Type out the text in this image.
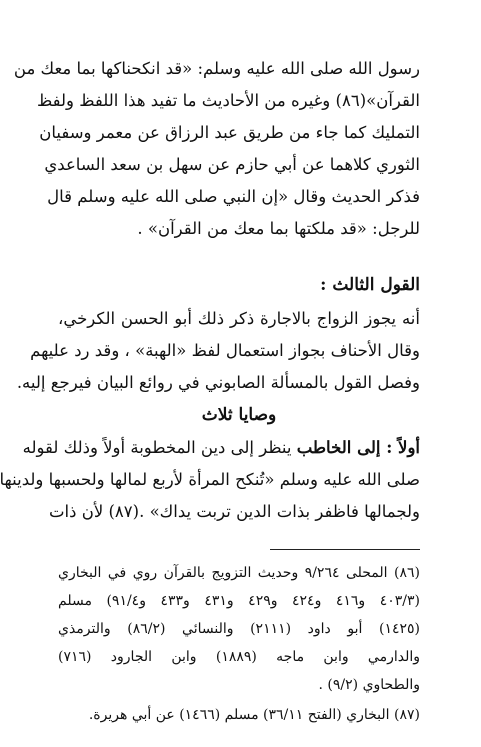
رسول الله صلى الله عليه وسلم: «قد انكحناكها بما معك من
القرآن»(٨٦) وغيره من الأحاديث ما تفيد هذا اللفظ ولفظ
التمليك كما جاء من طريق عبد الرزاق عن معمر وسفيان
الثوري كلاهما عن أبي حازم عن سهل بن سعد الساعدي
فذكر الحديث وقال «إن النبي صلى الله عليه وسلم قال
للرجل: «قد ملكتها بما معك من القرآن» .
القول الثالث :
أنه يجوز الزواج بالاجارة ذكر ذلك أبو الحسن الكرخي،
وقال الأحناف بجواز استعمال لفظ «الهبة» ، وقد رد عليهم
وفصل القول بالمسألة الصابوني في روائع البيان فيرجع إليه.
وصايا ثلاث
أولاً : إلى الخاطب ينظر إلى دين المخطوبة أولاً وذلك لقوله
صلى الله عليه وسلم «تُنكح المرأة لأربع لمالها ولحسبها ولدينها
ولجمالها فاظفر بذات الدين تربت يداك» .(٨٧) لأن ذات
(٨٦) المحلى ٩/٢٦٤ وحديث التزويج بالقرآن روي في البخاري
(٤٠٣/٣ و٤١٦ و٤٢٤ و٤٢٩ و٤٣١ و٤٣٣ و٩١/٤) مسلم
(١٤٢٥) أبو داود (٢١١١) والنسائي (٨٦/٢) والترمذي
والدارمي وابن ماجه (١٨٨٩) وابن الجارود (٧١٦)
والطحاوي (٩/٢) .
(٨٧) البخاري (الفتح ٣٦/١١) مسلم (١٤٦٦) عن أبي هريرة.
